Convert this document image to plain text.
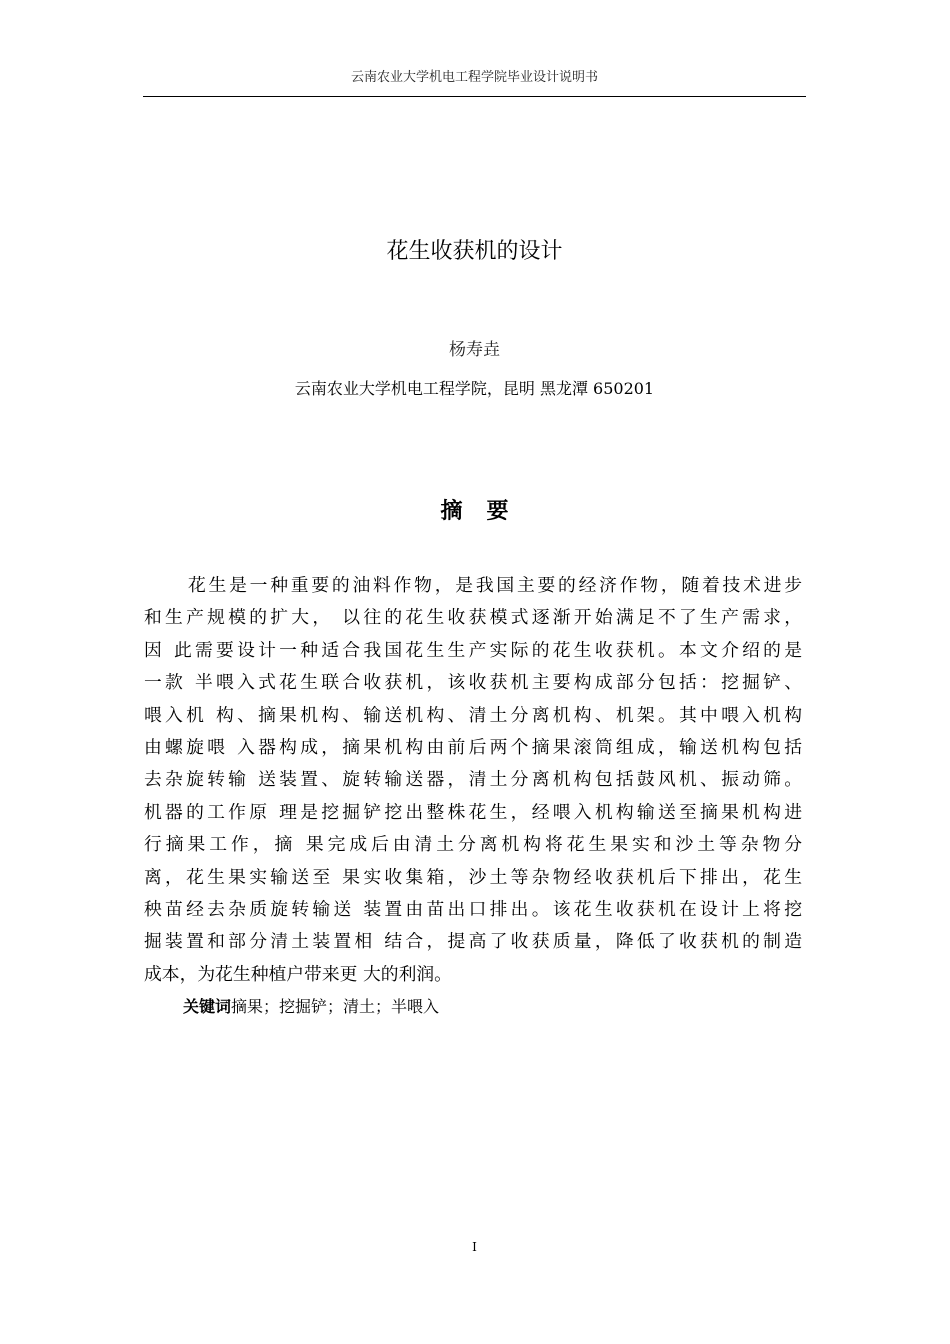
云南农业大学机电工程学院毕业设计说明书
花生收获机的设计
杨寿垚
云南农业大学机电工程学院，昆明 黑龙潭 650201
摘要
花生是一种重要的油料作物，是我国主要的经济作物，随着技术进步
和生产规模的扩大， 以往的花生收获模式逐渐开始满足不了生产需求，
因 此需要设计一种适合我国花生生产实际的花生收获机。本文介绍的是
一款 半喂入式花生联合收获机，该收获机主要构成部分包括：挖掘铲、
喂入机 构、摘果机构、输送机构、清土分离机构、机架。其中喂入机构
由螺旋喂 入器构成，摘果机构由前后两个摘果滚筒组成，输送机构包括
去杂旋转输 送装置、旋转输送器，清土分离机构包括鼓风机、振动筛。
机器的工作原 理是挖掘铲挖出整株花生，经喂入机构输送至摘果机构进
行摘果工作，摘 果完成后由清土分离机构将花生果实和沙土等杂物分
离，花生果实输送至 果实收集箱，沙土等杂物经收获机后下排出，花生
秧苗经去杂质旋转输送 装置由苗出口排出。该花生收获机在设计上将挖
掘装置和部分清土装置相 结合，提高了收获质量，降低了收获机的制造
成本，为花生种植户带来更 大的利润。
关键词摘果；挖掘铲；清土；半喂入
I
